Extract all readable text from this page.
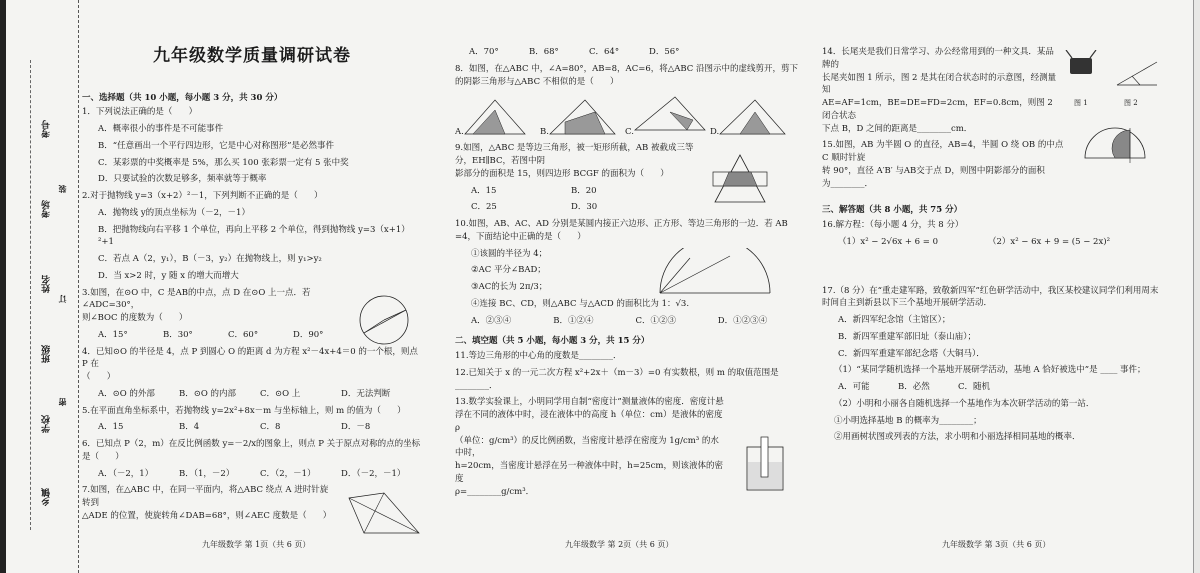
考号
考场
姓名
班级
学校
乡镇
装
订
密
九年级数学质量调研试卷
一、选择题（共 10 小题，每小题 3 分，共 30 分）
1．下列说法正确的是（      ）
A．概率很小的事件是不可能事件
B．“任意画出一个平行四边形，它是中心对称图形”是必然事件
C．某彩票的中奖概率是 5%，那么买 100 张彩票一定有 5 张中奖
D．只要试验的次数足够多，频率就等于概率
2.对于抛物线 y=3（x+2）²－1，下列判断不正确的是（      ）
A．抛物线 y的顶点坐标为（－2，－1）
B．把抛物线向右平移 1 个单位，再向上平移 2 个单位，得到抛物线 y=3（x+1）²+1
C．若点 A（2，y₁），B（－3，y₂）在抛物线上，则 y₁>y₂
D．当 x>2 时，y 随 x 的增大而增大
3.如图，在⊙O 中，C 是AB的中点，点 D 在⊙O 上一点．若∠ADC=30°，
则∠BOC 的度数为（      ）
A．15°	B．30°	C．60°	D．90°
4．已知⊙O 的半径是 4，点 P 到圆心 O 的距离 d 为方程 x²－4x+4＝0 的一个根，则点 P 在
（      ）
A．⊙O 的外部	B．⊙O 的内部	C．⊙O 上	D．无法判断
5.在平面直角坐标系中，若抛物线 y=2x²+8x－m 与坐标轴上，则 m 的值为（      ）
A．15	B．4	C．8	D．－8
6．已知点 P（2，m）在反比例函数 y=－2/x的图象上，则点 P 关于原点对称的点的坐标是（      ）
A．（－2，1）	B．（1，－2）	C．（2，－1）	D．（－2，－1）
7.如图，在△ABC 中，在同一平面内，将△ABC 绕点 A 进时针旋转到
△ADE 的位置，使旋转角∠DAB=68°，则∠AEC 度数是（      ）
九年级数学 第 1页（共 6 页）
A．70°	B．68°	C．64°	D．56°
8．如图，在△ABC 中，∠A=80°，AB=8，AC=6，将△ABC 沿图示中的虚线剪开，剪下
的阴影三角形与△ABC 不相似的是（      ）
A.	B.	C.	D.
9.如图，△ABC 是等边三角形，被一矩形所截，AB 被截成三等分，EH∥BC，若图中阴
影部分的面积是 15，则四边形 BCGF 的面积为（      ）
A．15	B．20
C．25	D．30
10.如图，AB、AC、AD 分别是某圆内接正六边形、正方形、等边三角形的一边．若 AB
=4，下面结论中正确的是（      ）
①该圆的半径为 4；
②AC 平分∠BAD；
③AC的长为 2π/3；
④连接 BC、CD，则△ABC 与△ACD 的面积比为 1：√3.
A．②③④	B．①②④	C．①②③	D．①②③④
二、填空题（共 5 小题，每小题 3 分，共 15 分）
11.等边三角形的中心角的度数是________．
12.已知关于 x 的一元二次方程 x²+2x＋（m－3）=0 有实数根，则 m 的取值范围是________．
13.数学实验课上，小明同学用自制“密度计”测量液体的密度．密度计悬
浮在不同的液体中时，浸在液体中的高度 h（单位：cm）是液体的密度ρ
（单位：g/cm³）的反比例函数，当密度计悬浮在密度为 1g/cm³ 的水中时，
h=20cm，当密度计悬浮在另一种液体中时，h=25cm，则该液体的密度
ρ=________g/cm³．
九年级数学 第 2页（共 6 页）
14．长尾夹是我们日常学习、办公经常用到的一种文具．某品牌的
长尾夹如图 1 所示，图 2 是其在闭合状态时的示意图，经测量知
AE=AF=1cm，BE=DE=FD=2cm，EF=0.8cm，则图 2 闭合状态
下点 B，D 之间的距离是________cm．
15.如图，AB 为半圆 O 的直径，AB=4，半圆 O 绕 OB 的中点 C 顺时针旋
转 90°，直径 A′B′ 与AB交于点 D，则图中阴影部分的面积
为________．
三、解答题（共 8 小题，共 75 分）
16.解方程：（每小题 4 分，共 8 分）
（1）x² − 2√6x + 6 = 0	（2）x² − 6x + 9 = (5 − 2x)²
17.（8 分）在“重走建军路，致敬新四军”红色研学活动中，我区某校建议同学们利用周末
时间自主到新县以下三个基地开展研学活动．
A．新四军纪念馆（主馆区）；
B．新四军重建军部旧址（泰山庙）；
C．新四军重建军部纪念塔（大铜马）．
（1）“某同学随机选择一个基地开展研学活动，基地 A 恰好被选中”是 ____ 事件；
A．可能	B．必然	C．随机
（2）小明和小丽各自随机选择一个基地作为本次研学活动的第一站．
①小明选择基地 B 的概率为________；
②用画树状图或列表的方法，求小明和小丽选择相同基地的概率．
图 1	图 2
九年级数学 第 3页（共 6 页）
